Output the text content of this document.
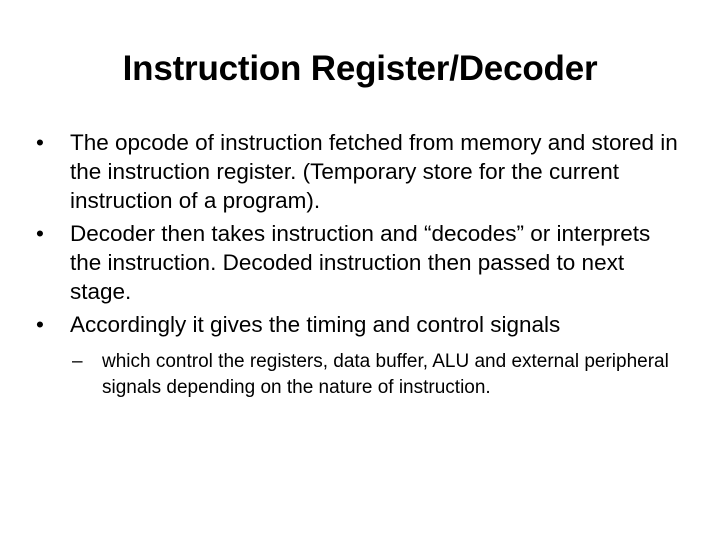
Instruction Register/Decoder
•	The opcode of instruction fetched from memory and stored in the instruction register. (Temporary store for the current instruction of a program).
•	Decoder then takes instruction and “decodes” or interprets the instruction. Decoded instruction then passed to next stage.
•	Accordingly it gives the timing and control signals
– which control the registers, data buffer, ALU and external peripheral signals depending on the nature of instruction.
